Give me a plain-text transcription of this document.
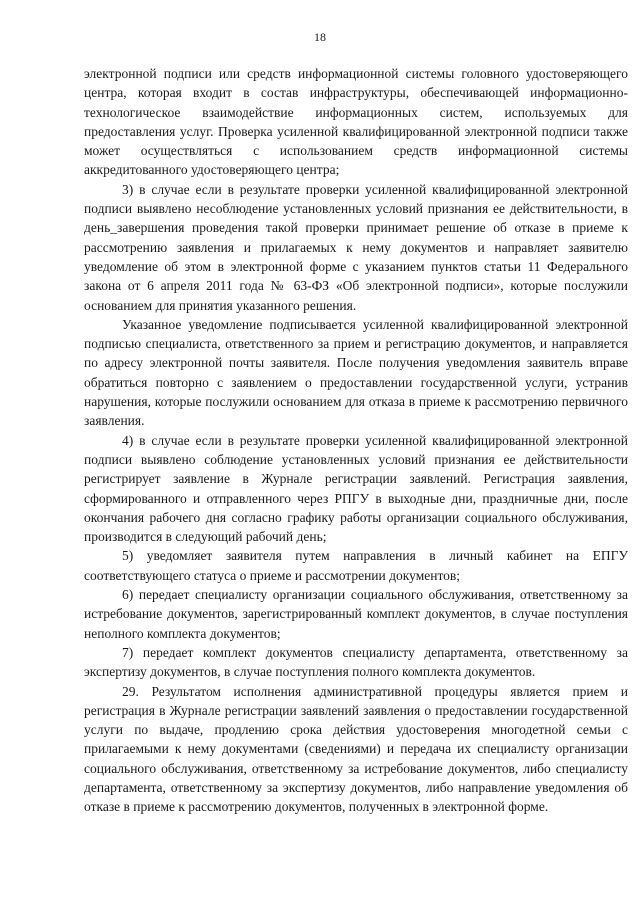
18

электронной подписи или средств информационной системы головного удостоверяющего центра, которая входит в состав инфраструктуры, обеспечивающей информационно-технологическое взаимодействие информационных систем, используемых для предоставления услуг. Проверка усиленной квалифицированной электронной подписи также может осуществляться с использованием средств информационной системы аккредитованного удостоверяющего центра;

3) в случае если в результате проверки усиленной квалифицированной электронной подписи выявлено несоблюдение установленных условий признания ее действительности, в день_завершения проведения такой проверки принимает решение об отказе в приеме к рассмотрению заявления и прилагаемых к нему документов и направляет заявителю уведомление об этом в электронной форме с указанием пунктов статьи 11 Федерального закона от 6 апреля 2011 года № 63-ФЗ «Об электронной подписи», которые послужили основанием для принятия указанного решения.

Указанное уведомление подписывается усиленной квалифицированной электронной подписью специалиста, ответственного за прием и регистрацию документов, и направляется по адресу электронной почты заявителя. После получения уведомления заявитель вправе обратиться повторно с заявлением о предоставлении государственной услуги, устранив нарушения, которые послужили основанием для отказа в приеме к рассмотрению первичного заявления.

4) в случае если в результате проверки усиленной квалифицированной электронной подписи выявлено соблюдение установленных условий признания ее действительности регистрирует заявление в Журнале регистрации заявлений. Регистрация заявления, сформированного и отправленного через РПГУ в выходные дни, праздничные дни, после окончания рабочего дня согласно графику работы организации социального обслуживания, производится в следующий рабочий день;

5) уведомляет заявителя путем направления в личный кабинет на ЕПГУ соответствующего статуса о приеме и рассмотрении документов;

6) передает специалисту организации социального обслуживания, ответственному за истребование документов, зарегистрированный комплект документов, в случае поступления неполного комплекта документов;

7) передает комплект документов специалисту департамента, ответственному за экспертизу документов, в случае поступления полного комплекта документов.

29. Результатом исполнения административной процедуры является прием и регистрация в Журнале регистрации заявлений заявления о предоставлении государственной услуги по выдаче, продлению срока действия удостоверения многодетной семьи с прилагаемыми к нему документами (сведениями) и передача их специалисту организации социального обслуживания, ответственному за истребование документов, либо специалисту департамента, ответственному за экспертизу документов, либо направление уведомления об отказе в приеме к рассмотрению документов, полученных в электронной форме.
